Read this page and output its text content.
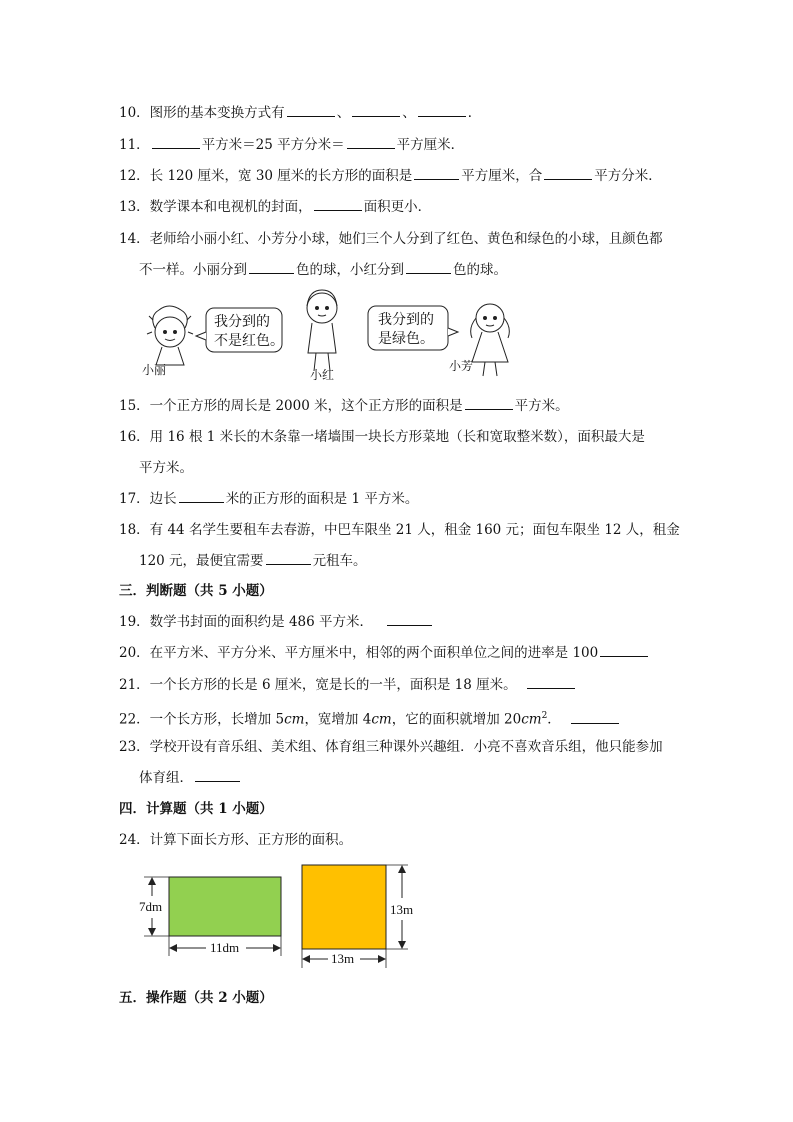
10．图形的基本变换方式有	、	、	．
11．	平方米＝25 平方分米＝	平方厘米．
12．长 120 厘米，宽 30 厘米的长方形的面积是	平方厘米，合	平方分米．
13．数学课本和电视机的封面，	面积更小．
14．老师给小丽小红、小芳分小球，她们三个人分到了红色、黄色和绿色的小球，且颜色都
不一样。小丽分到	色的球，小红分到	色的球。
我分到的
不是红色。
小丽	小红
我分到的
是绿色。
小芳
15．一个正方形的周长是 2000 米，这个正方形的面积是	平方米。
16．用 16 根 1 米长的木条靠一堵墙围一块长方形菜地（长和宽取整米数），面积最大是
平方米。
17．边长	米的正方形的面积是 1 平方米。
18．有 44 名学生要租车去春游，中巴车限坐 21 人，租金 160 元；面包车限坐 12 人，租金
120 元，最便宜需要	元租车。
三．判断题（共 5 小题）
19．数学书封面的面积约是 486 平方米．
20．在平方米、平方分米、平方厘米中，相邻的两个面积单位之间的进率是 100
21．一个长方形的长是 6 厘米，宽是长的一半，面积是 18 厘米。
22．一个长方形，长增加 5cm，宽增加 4cm，它的面积就增加 $20cm^2$．
23．学校开设有音乐组、美术组、体育组三种课外兴趣组．小亮不喜欢音乐组，他只能参加
体育组．
四．计算题（共 1 小题）
24．计算下面长方形、正方形的面积。
7dm
11dm
13m
13m
五．操作题（共 2 小题）
